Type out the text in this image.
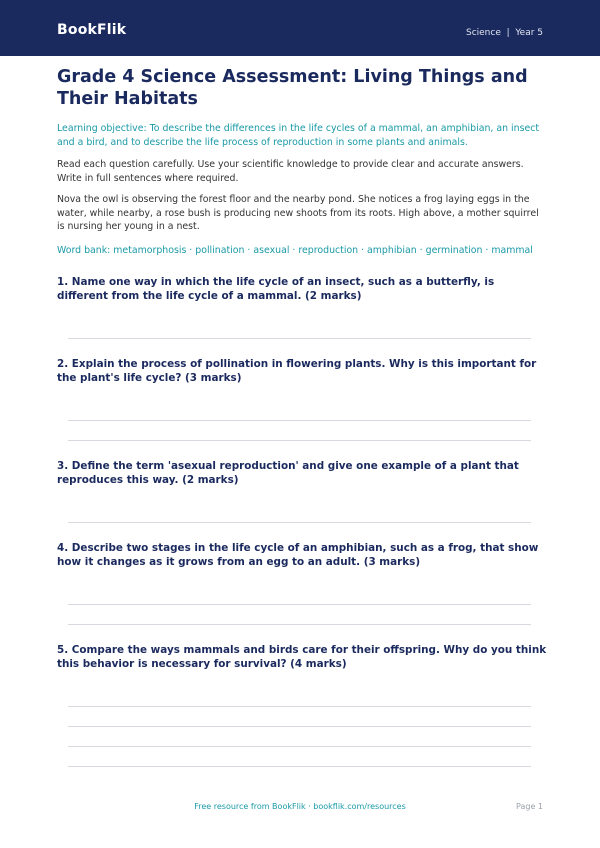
BookFlik	Science  |  Year 5
Grade 4 Science Assessment: Living Things and Their Habitats

Learning objective: To describe the differences in the life cycles of a mammal, an amphibian, an insect and a bird, and to describe the life process of reproduction in some plants and animals.

Read each question carefully. Use your scientific knowledge to provide clear and accurate answers. Write in full sentences where required.

Nova the owl is observing the forest floor and the nearby pond. She notices a frog laying eggs in the water, while nearby, a rose bush is producing new shoots from its roots. High above, a mother squirrel is nursing her young in a nest.

Word bank: metamorphosis · pollination · asexual · reproduction · amphibian · germination · mammal

1. Name one way in which the life cycle of an insect, such as a butterfly, is different from the life cycle of a mammal. (2 marks)

2. Explain the process of pollination in flowering plants. Why is this important for the plant's life cycle? (3 marks)

3. Define the term 'asexual reproduction' and give one example of a plant that reproduces this way. (2 marks)

4. Describe two stages in the life cycle of an amphibian, such as a frog, that show how it changes as it grows from an egg to an adult. (3 marks)

5. Compare the ways mammals and birds care for their offspring. Why do you think this behavior is necessary for survival? (4 marks)

Free resource from BookFlik · bookflik.com/resources	Page 1
